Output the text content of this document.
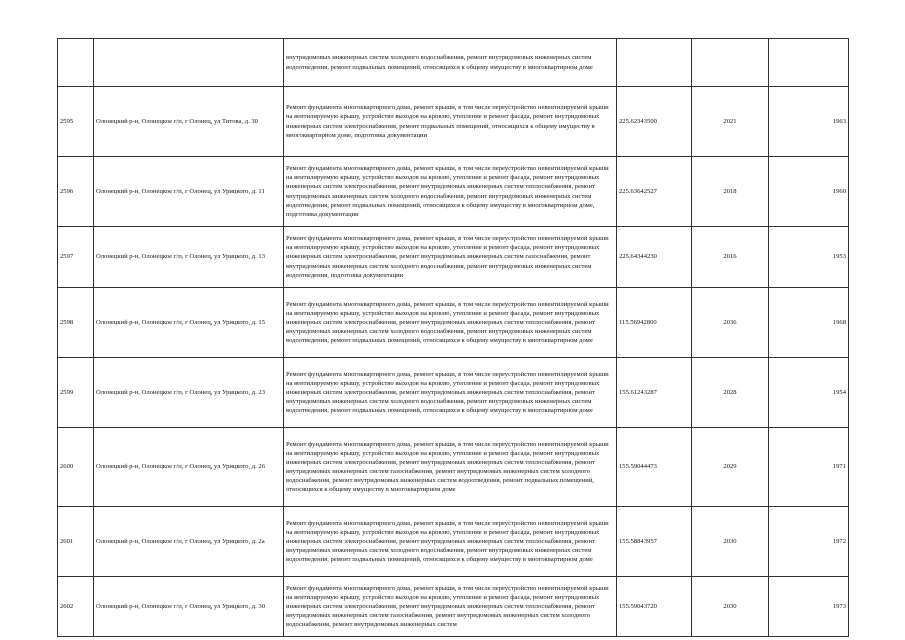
		внутридомовых инженерных систем холодного водоснабжения, ремонт внутридомовых инженерных систем водоотведения, ремонт подвальных помещений, относящихся к общему имуществу в многоквартирном доме			
2595	Олонецкий р-н, Олонецкое г/п, г Олонец, ул Титова, д. 30	Ремонт фундамента многоквартирного дома, ремонт крыши, в том числе переустройство невентилируемой крыши на вентилируемую крышу, устройство выходов на кровлю, утепление и ремонт фасада, ремонт внутридомовых инженерных систем электроснабжения, ремонт подвальных помещений, относящихся к общему имуществу в многоквартирном доме, подготовка документации	225.62343500	2021	1963
2596	Олонецкий р-н, Олонецкое г/п, г Олонец, ул Урицкого, д. 11	Ремонт фундамента многоквартирного дома, ремонт крыши, в том числе переустройство невентилируемой крыши на вентилируемую крышу, устройство выходов на кровлю, утепление и ремонт фасада, ремонт внутридомовых инженерных систем электроснабжения, ремонт внутридомовых инженерных систем теплоснабжения, ремонт внутридомовых инженерных систем холодного водоснабжения, ремонт внутридомовых инженерных систем водоотведения, ремонт подвальных помещений, относящихся к общему имуществу в многоквартирном доме, подготовка документации	225.63642527	2018	1960
2597	Олонецкий р-н, Олонецкое г/п, г Олонец, ул Урицкого, д. 13	Ремонт фундамента многоквартирного дома, ремонт крыши, в том числе переустройство невентилируемой крыши на вентилируемую крышу, устройство выходов на кровлю, утепление и ремонт фасада, ремонт внутридомовых инженерных систем электроснабжения, ремонт внутридомовых инженерных систем газоснабжения, ремонт внутридомовых инженерных систем холодного водоснабжения, ремонт внутридомовых инженерных систем водоотведения, подготовка документации	225.64344230	2016	1953
2598	Олонецкий р-н, Олонецкое г/п, г Олонец, ул Урицкого, д. 15	Ремонт фундамента многоквартирного дома, ремонт крыши, в том числе переустройство невентилируемой крыши на вентилируемую крышу, устройство выходов на кровлю, утепление и ремонт фасада, ремонт внутридомовых инженерных систем электроснабжения, ремонт внутридомовых инженерных систем теплоснабжения, ремонт внутридомовых инженерных систем холодного водоснабжения, ремонт внутридомовых инженерных систем водоотведения, ремонт подвальных помещений, относящихся к общему имуществу в многоквартирном доме	115.56942800	2036	1968
2599	Олонецкий р-н, Олонецкое г/п, г Олонец, ул Урицкого, д. 23	Ремонт фундамента многоквартирного дома, ремонт крыши, в том числе переустройство невентилируемой крыши на вентилируемую крышу, устройство выходов на кровлю, утепление и ремонт фасада, ремонт внутридомовых инженерных систем электроснабжения, ремонт внутридомовых инженерных систем теплоснабжения, ремонт внутридомовых инженерных систем холодного водоснабжения, ремонт внутридомовых инженерных систем водоотведения, ремонт подвальных помещений, относящихся к общему имуществу в многоквартирном доме	155.61243287	2028	1954
2600	Олонецкий р-н, Олонецкое г/п, г Олонец, ул Урицкого, д. 26	Ремонт фундамента многоквартирного дома, ремонт крыши, в том числе переустройство невентилируемой крыши на вентилируемую крышу, устройство выходов на кровлю, утепление и ремонт фасада, ремонт внутридомовых инженерных систем электроснабжения, ремонт внутридомовых инженерных систем теплоснабжения, ремонт внутридомовых инженерных систем газоснабжения, ремонт внутридомовых инженерных систем холодного водоснабжения, ремонт внутридомовых инженерных систем водоотведения, ремонт подвальных помещений, относящихся к общему имуществу в многоквартирном доме	155.59044473	2029	1971
2601	Олонецкий р-н, Олонецкое г/п, г Олонец, ул Урицкого, д. 2а	Ремонт фундамента многоквартирного дома, ремонт крыши, в том числе переустройство невентилируемой крыши на вентилируемую крышу, устройство выходов на кровлю, утепление и ремонт фасада, ремонт внутридомовых инженерных систем электроснабжения, ремонт внутридомовых инженерных систем теплоснабжения, ремонт внутридомовых инженерных систем холодного водоснабжения, ремонт внутридомовых инженерных систем водоотведения, ремонт подвальных помещений, относящихся к общему имуществу в многоквартирном доме	155.58843957	2030	1972
2602	Олонецкий р-н, Олонецкое г/п, г Олонец, ул Урицкого, д. 30	Ремонт фундамента многоквартирного дома, ремонт крыши, в том числе переустройство невентилируемой крыши на вентилируемую крышу, устройство выходов на кровлю, утепление и ремонт фасада, ремонт внутридомовых инженерных систем электроснабжения, ремонт внутридомовых инженерных систем теплоснабжения, ремонт внутридомовых инженерных систем газоснабжения, ремонт внутридомовых инженерных систем холодного водоснабжения, ремонт внутридомовых инженерных систем	155.59043720	2030	1973
